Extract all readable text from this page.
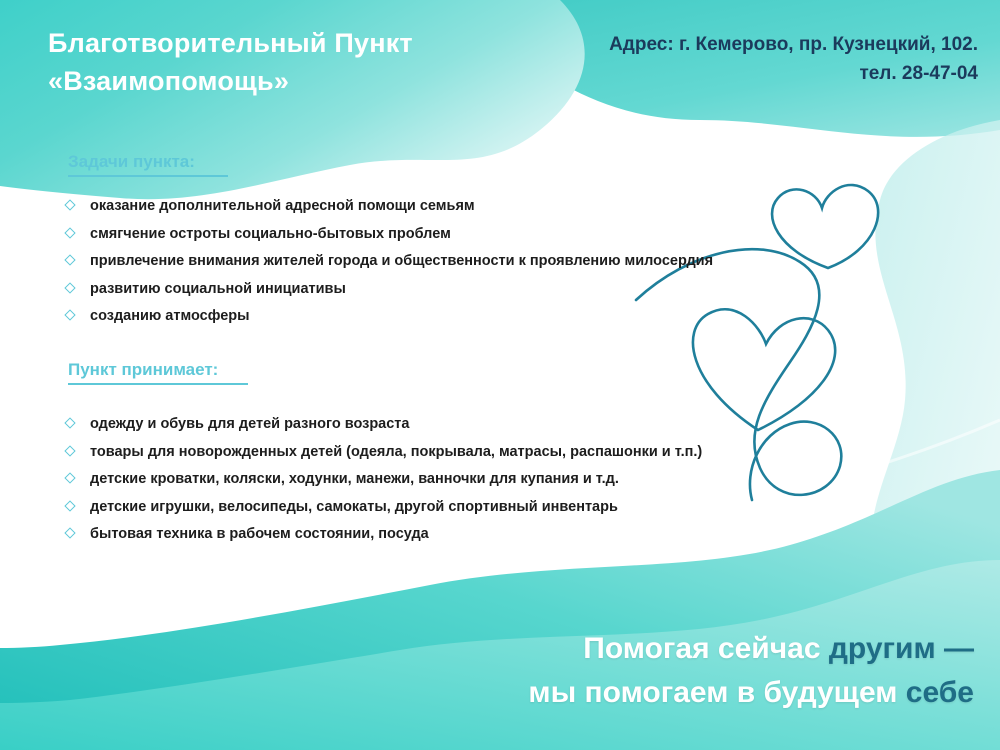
Благотворительный Пункт
«Взаимопомощь»
Адрес: г. Кемерово, пр. Кузнецкий, 102.
тел. 28-47-04
Задачи пункта:
оказание дополнительной адресной помощи семьям
смягчение остроты социально-бытовых проблем
привлечение внимания жителей города и общественности к проявлению милосердия
развитию социальной инициативы
созданию атмосферы
Пункт принимает:
одежду и обувь для детей разного возраста
товары для новорожденных детей (одеяла, покрывала, матрасы, распашонки и т.п.)
детские кроватки, коляски, ходунки, манежи, ванночки для купания и т.д.
детские игрушки, велосипеды, самокаты, другой спортивный инвентарь
бытовая техника в рабочем состоянии, посуда
Помогая сейчас другим —
мы помогаем в будущем себе
